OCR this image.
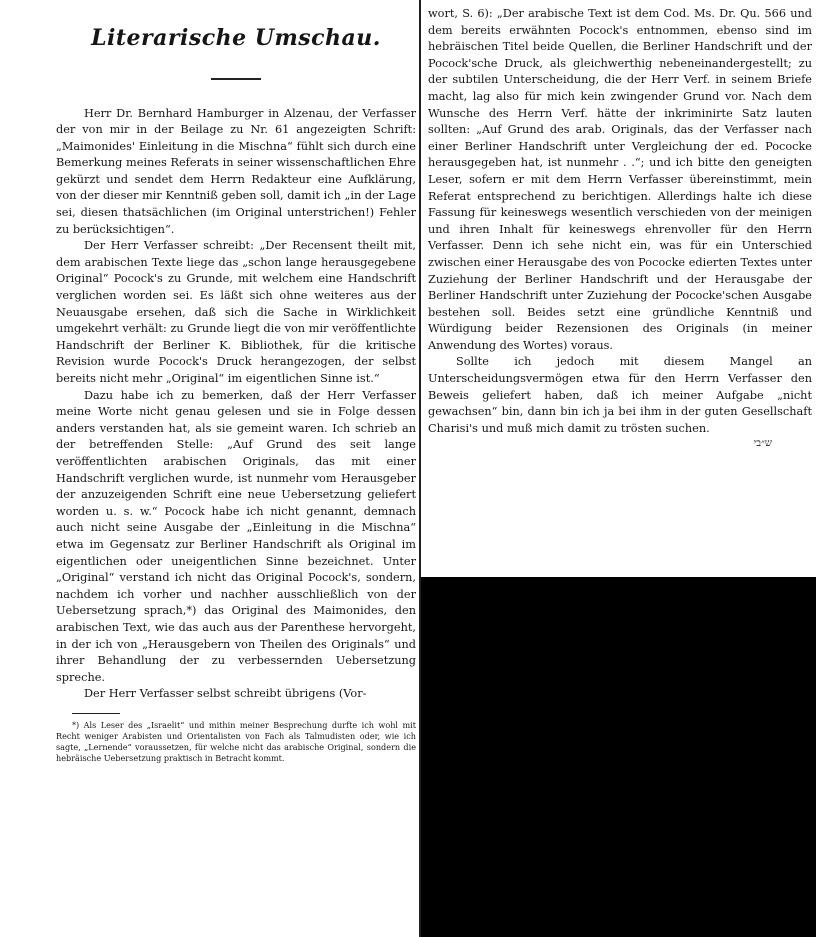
Literarische Umschau.

Herr Dr. Bernhard Hamburger in Alzenau, der Verfasser der von mir in der Beilage zu Nr. 61 angezeigten Schrift: „Maimonides' Einleitung in die Mischna“ fühlt sich durch eine Bemerkung meines Referats in seiner wissenschaftlichen Ehre gekürzt und sendet dem Herrn Redakteur eine Aufklärung, von der dieser mir Kenntniß geben soll, damit ich „in der Lage sei, diesen thatsächlichen (im Original unterstrichen!) Fehler zu berücksichtigen“.

Der Herr Verfasser schreibt: „Der Recensent theilt mit, dem arabischen Texte liege das „schon lange herausgegebene Original“ Pocock's zu Grunde, mit welchem eine Handschrift verglichen worden sei. Es läßt sich ohne weiteres aus der Neuausgabe ersehen, daß sich die Sache in Wirklichkeit umgekehrt verhält: zu Grunde liegt die von mir veröffentlichte Handschrift der Berliner K. Bibliothek, für die kritische Revision wurde Pocock's Druck herangezogen, der selbst bereits nicht mehr „Original“ im eigentlichen Sinne ist.“

Dazu habe ich zu bemerken, daß der Herr Verfasser meine Worte nicht genau gelesen und sie in Folge dessen anders verstanden hat, als sie gemeint waren. Ich schrieb an der betreffenden Stelle: „Auf Grund des seit lange veröffentlichten arabischen Originals, das mit einer Handschrift verglichen wurde, ist nunmehr vom Herausgeber der anzuzeigenden Schrift eine neue Uebersetzung geliefert worden u. s. w.“ Pocock habe ich nicht genannt, demnach auch nicht seine Ausgabe der „Einleitung in die Mischna“ etwa im Gegensatz zur Berliner Handschrift als Original im eigentlichen oder uneigentlichen Sinne bezeichnet. Unter „Original“ verstand ich nicht das Original Pocock's, sondern, nachdem ich vorher und nachher ausschließlich von der Uebersetzung sprach,*) das Original des Maimonides, den arabischen Text, wie das auch aus der Parenthese hervorgeht, in der ich von „Herausgebern von Theilen des Originals“ und ihrer Behandlung der zu verbessernden Uebersetzung spreche.

Der Herr Verfasser selbst schreibt übrigens (Vor-

*) Als Leser des „Israelit“ und mithin meiner Besprechung durfte ich wohl mit Recht weniger Arabisten und Orientalisten von Fach als Talmudisten oder, wie ich sagte, „Lernende“ voraussetzen, für welche nicht das arabische Original, sondern die hebräische Uebersetzung praktisch in Betracht kommt.

wort, S. 6): „Der arabische Text ist dem Cod. Ms. Dr. Qu. 566 und dem bereits erwähnten Pocock's entnommen, ebenso sind im hebräischen Titel beide Quellen, die Berliner Handschrift und der Pocock'sche Druck, als gleichwerthig nebeneinandergestellt; zu der subtilen Unterscheidung, die der Herr Verf. in seinem Briefe macht, lag also für mich kein zwingender Grund vor. Nach dem Wunsche des Herrn Verf. hätte der inkriminirte Satz lauten sollten: „Auf Grund des arab. Originals, das der Verfasser nach einer Berliner Handschrift unter Vergleichung der ed. Pococke herausgegeben hat, ist nunmehr . .“; und ich bitte den geneigten Leser, sofern er mit dem Herrn Verfasser übereinstimmt, mein Referat entsprechend zu berichtigen. Allerdings halte ich diese Fassung für keineswegs wesentlich verschieden von der meinigen und ihren Inhalt für keineswegs ehrenvoller für den Herrn Verfasser. Denn ich sehe nicht ein, was für ein Unterschied zwischen einer Herausgabe des von Pococke edierten Textes unter Zuziehung der Berliner Handschrift und der Herausgabe der Berliner Handschrift unter Zuziehung der Pococke'schen Ausgabe bestehen soll. Beides setzt eine gründliche Kenntniß und Würdigung beider Rezensionen des Originals (in meiner Anwendung des Wortes) voraus.

Sollte ich jedoch mit diesem Mangel an Unterscheidungsvermögen etwa für den Herrn Verfasser den Beweis geliefert haben, daß ich meiner Aufgabe „nicht gewachsen“ bin, dann bin ich ja bei ihm in der guten Gesellschaft Charisi's und muß mich damit zu trösten suchen.

ש״בי
